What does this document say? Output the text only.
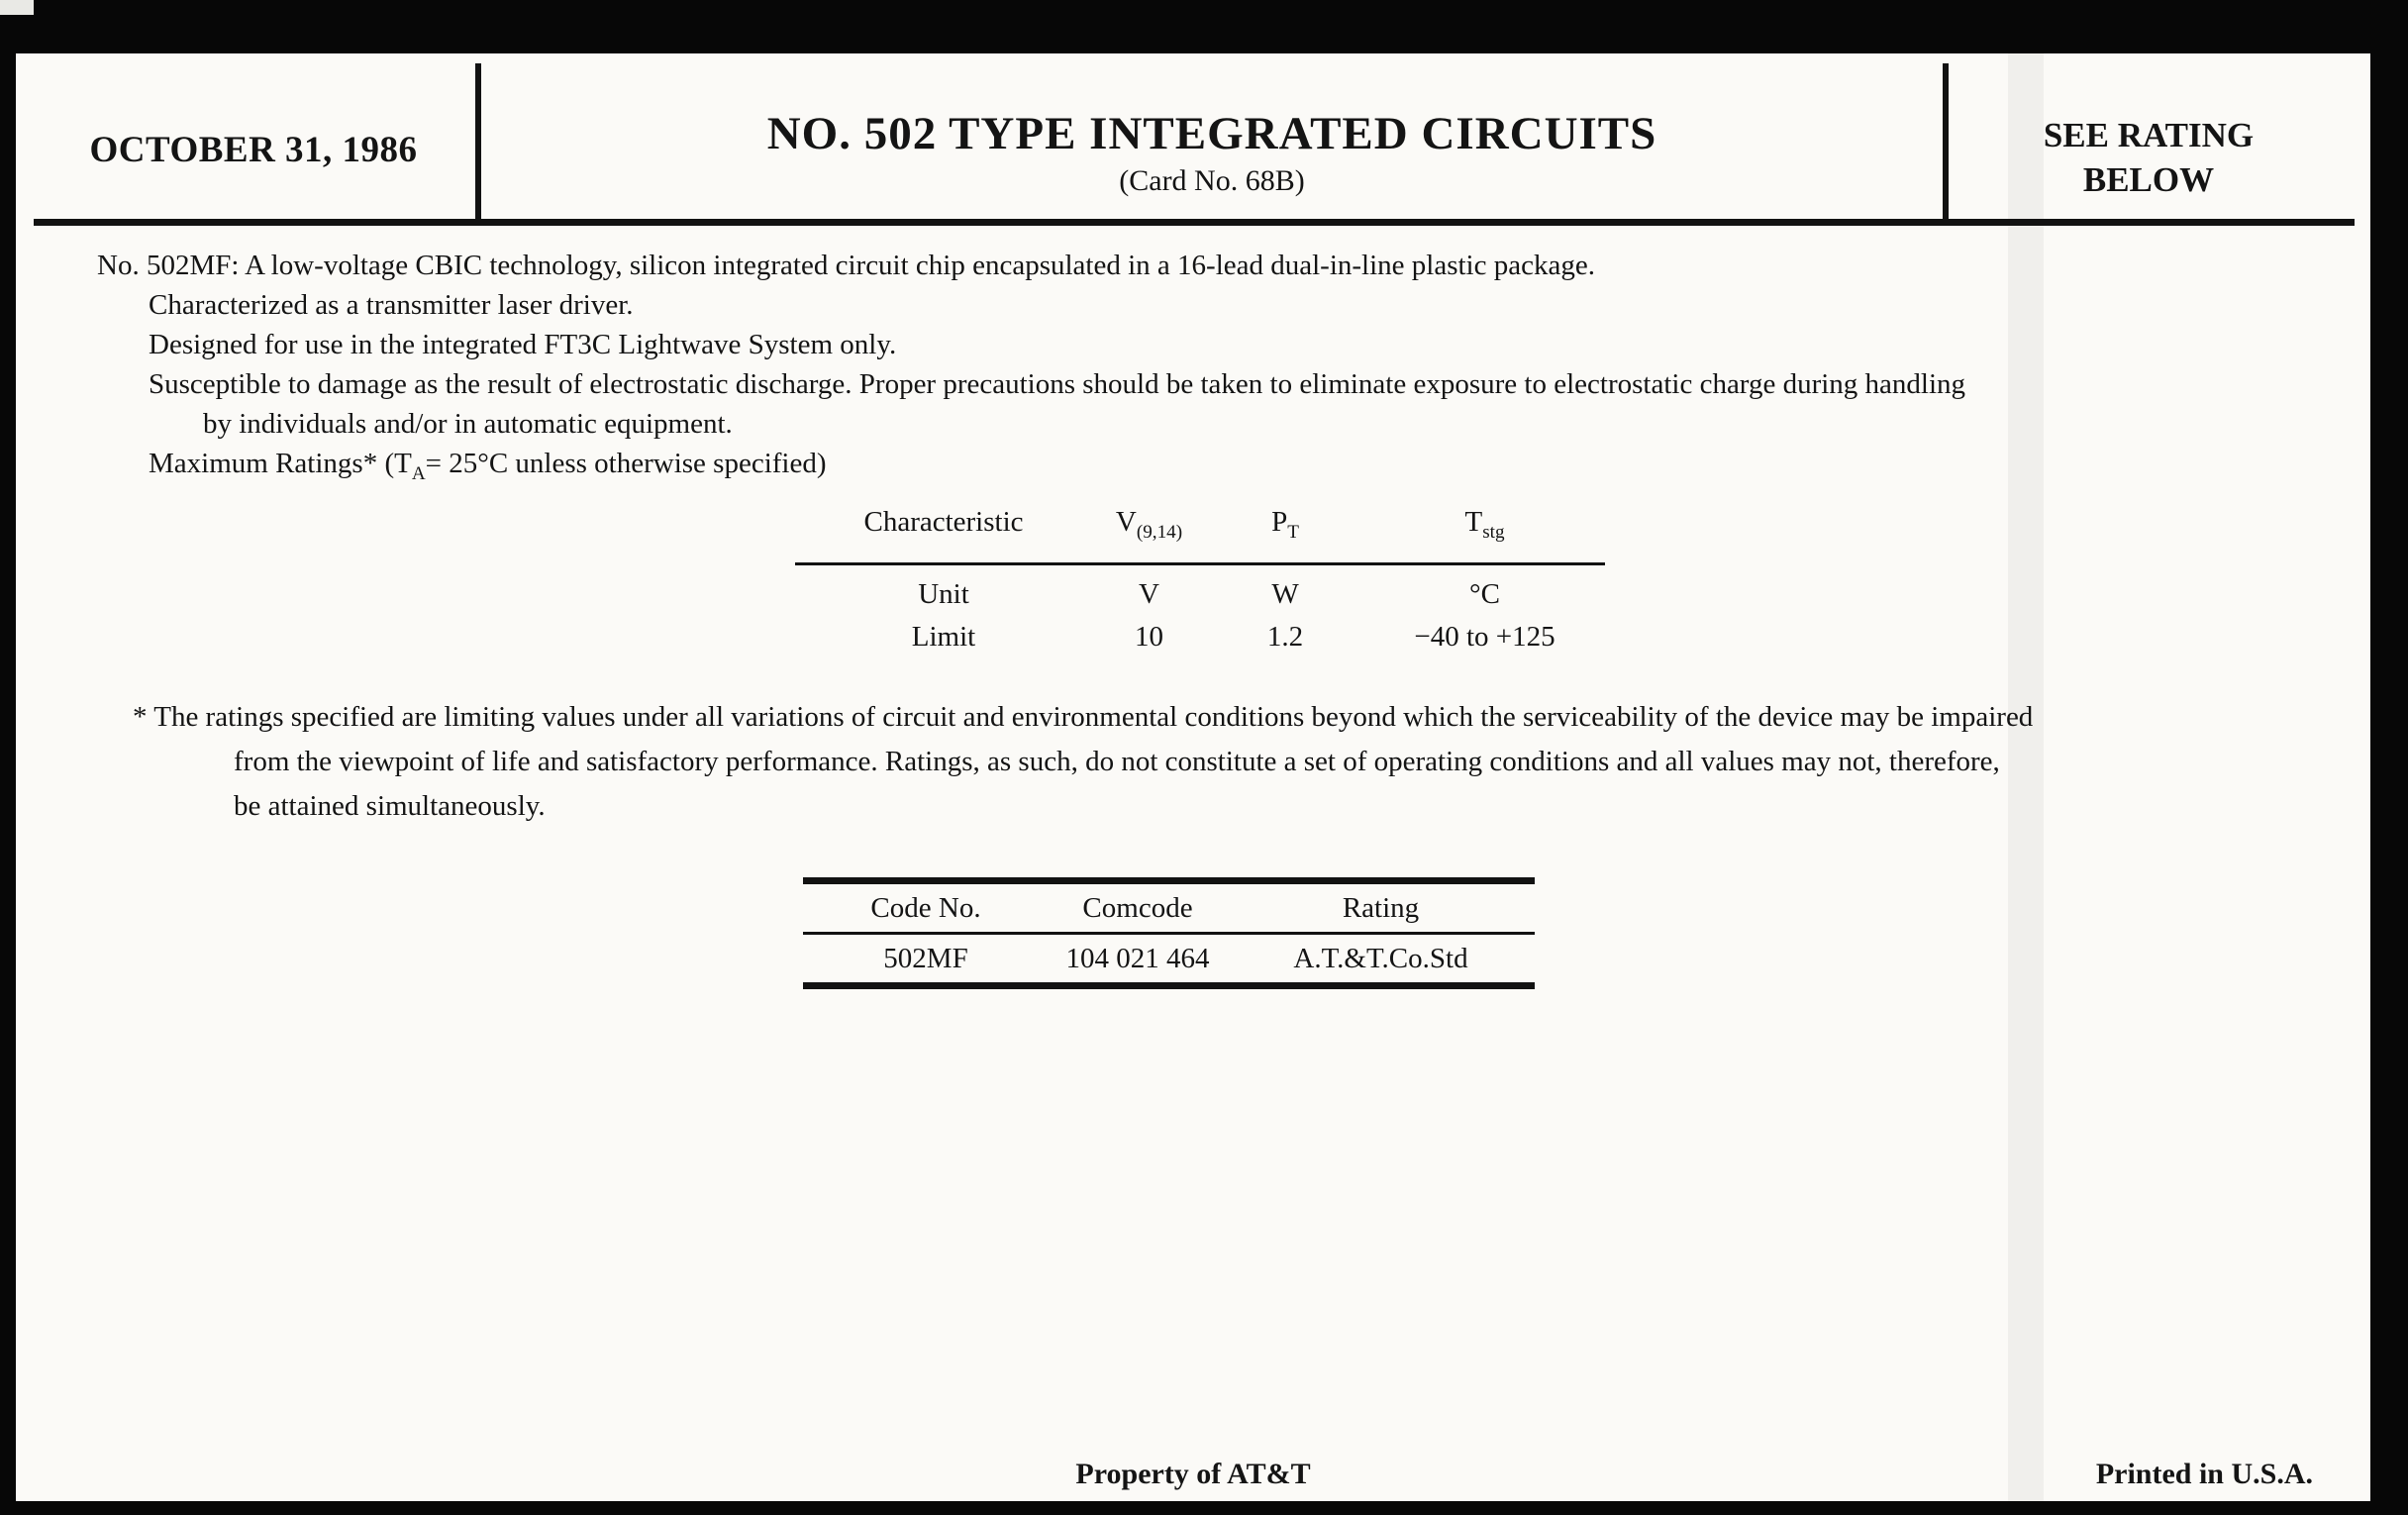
OCTOBER 31, 1986	NO. 502 TYPE INTEGRATED CIRCUITS
(Card No. 68B)
SEE RATING
BELOW

No. 502MF: A low-voltage CBIC technology, silicon integrated circuit chip encapsulated in a 16-lead dual-in-line plastic package.

Characterized as a transmitter laser driver.

Designed for use in the integrated FT3C Lightwave System only.

Susceptible to damage as the result of electrostatic discharge. Proper precautions should be taken to eliminate exposure to electrostatic charge during handling

by individuals and/or in automatic equipment.

Maximum Ratings* ($T_A= 25^\circ C$ unless otherwise specified)

Characteristic	$V_{(9,14)}$	$P_T$	$T_{stg}$
Unit	V	W	°C
Limit	10	1.2	−40 to +125

* The ratings specified are limiting values under all variations of circuit and environmental conditions beyond which the serviceability of the device may be impaired

from the viewpoint of life and satisfactory performance. Ratings, as such, do not constitute a set of operating conditions and all values may not, therefore,

be attained simultaneously.

Code No.	Comcode	Rating
502MF	104 021 464	A.T.&T.Co.Std
Property of AT&T	Printed in U.S.A.
